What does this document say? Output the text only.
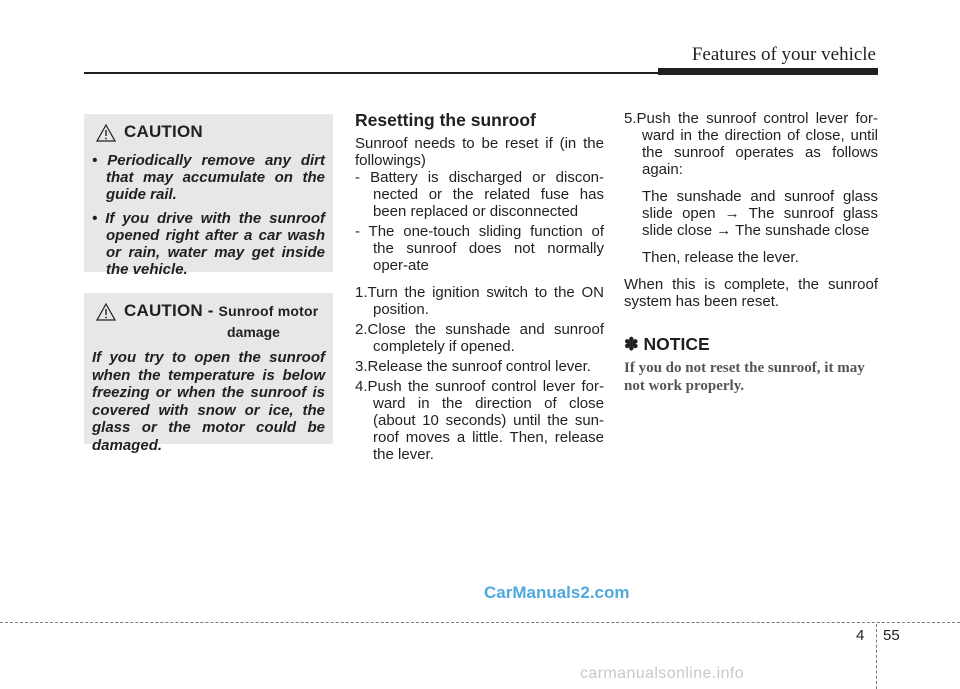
Features of your vehicle
CAUTION
• Periodically remove any dirt that may accumulate on the guide rail.
• If you drive with the sunroof opened right after a car wash or rain, water may get inside the vehicle.
CAUTION - Sunroof motor
damage
If you try to open the sunroof when the temperature is below freezing or when the sunroof is covered with snow or ice, the glass or the motor could be damaged.
Resetting the sunroof

Sunroof needs to be reset if (in the followings)

- Battery is discharged or discon-nected or the related fuse has been replaced or disconnected
- The one-touch sliding function of the sunroof does not normally oper-ate
1.Turn the ignition switch to the ON position.
2.Close the sunshade and sunroof completely if opened.
3.Release the sunroof control lever.
4.Push the sunroof control lever for-ward in the direction of close (about 10 seconds) until the sun-roof moves a little. Then, release the lever.
5.Push the sunroof control lever for-ward in the direction of close, until the sunroof operates as follows again:

The sunshade and sunroof glass slide open → The sunroof glass slide close → The sunshade close

Then, release the lever.

When this is complete, the sunroof system has been reset.

✽ NOTICE
If you do not reset the sunroof, it may not work properly.
CarManuals2.com
4 55
carmanualsonline.info
